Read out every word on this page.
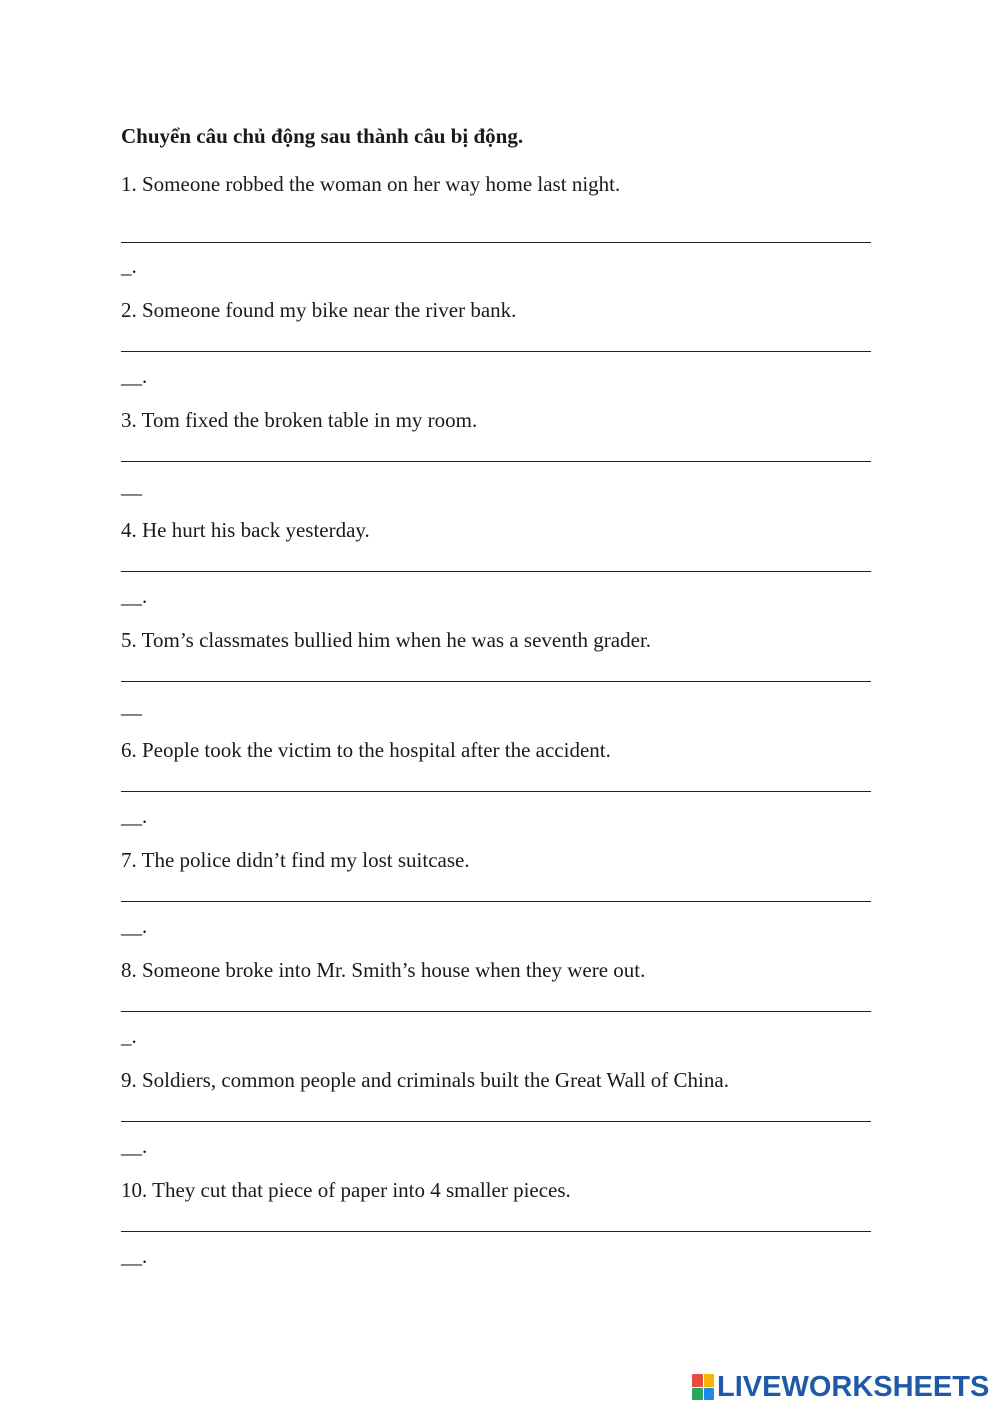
Chuyển câu chủ động sau thành câu bị động.
1. Someone robbed the woman on her way home last night.
_.
2. Someone found my bike near the river bank.
__.
3. Tom fixed the broken table in my room.
__
4. He hurt his back yesterday.
__.
5. Tom’s classmates bullied him when he was a seventh grader.
__
6. People took the victim to the hospital after the accident.
__.
7. The police didn’t find my lost suitcase.
__.
8. Someone broke into Mr. Smith’s house when they were out.
_.
9. Soldiers, common people and criminals built the Great Wall of China.
__.
10. They cut that piece of paper into 4 smaller pieces.
__.
LIVEWORKSHEETS
